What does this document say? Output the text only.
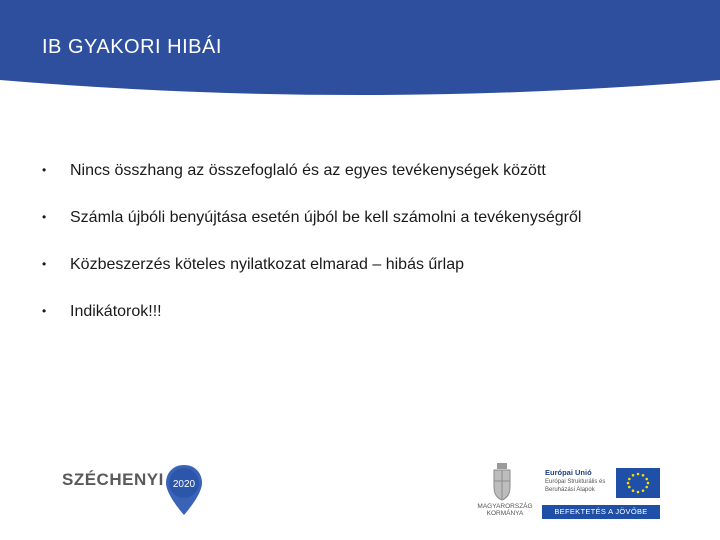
IB GYAKORI HIBÁI
• Nincs összhang az összefoglaló és az egyes tevékenységek között
• Számla újbóli benyújtása esetén újból be kell számolni a tevékenységről
• Közbeszerzés köteles nyilatkozat elmarad – hibás űrlap
• Indikátorok!!!
SZÉCHENYI 2020
MAGYARORSZÁG
KORMÁNYA
Európai Unió
Európai Strukturális és Beruházási Alapok
BEFEKTETÉS A JÖVŐBE
